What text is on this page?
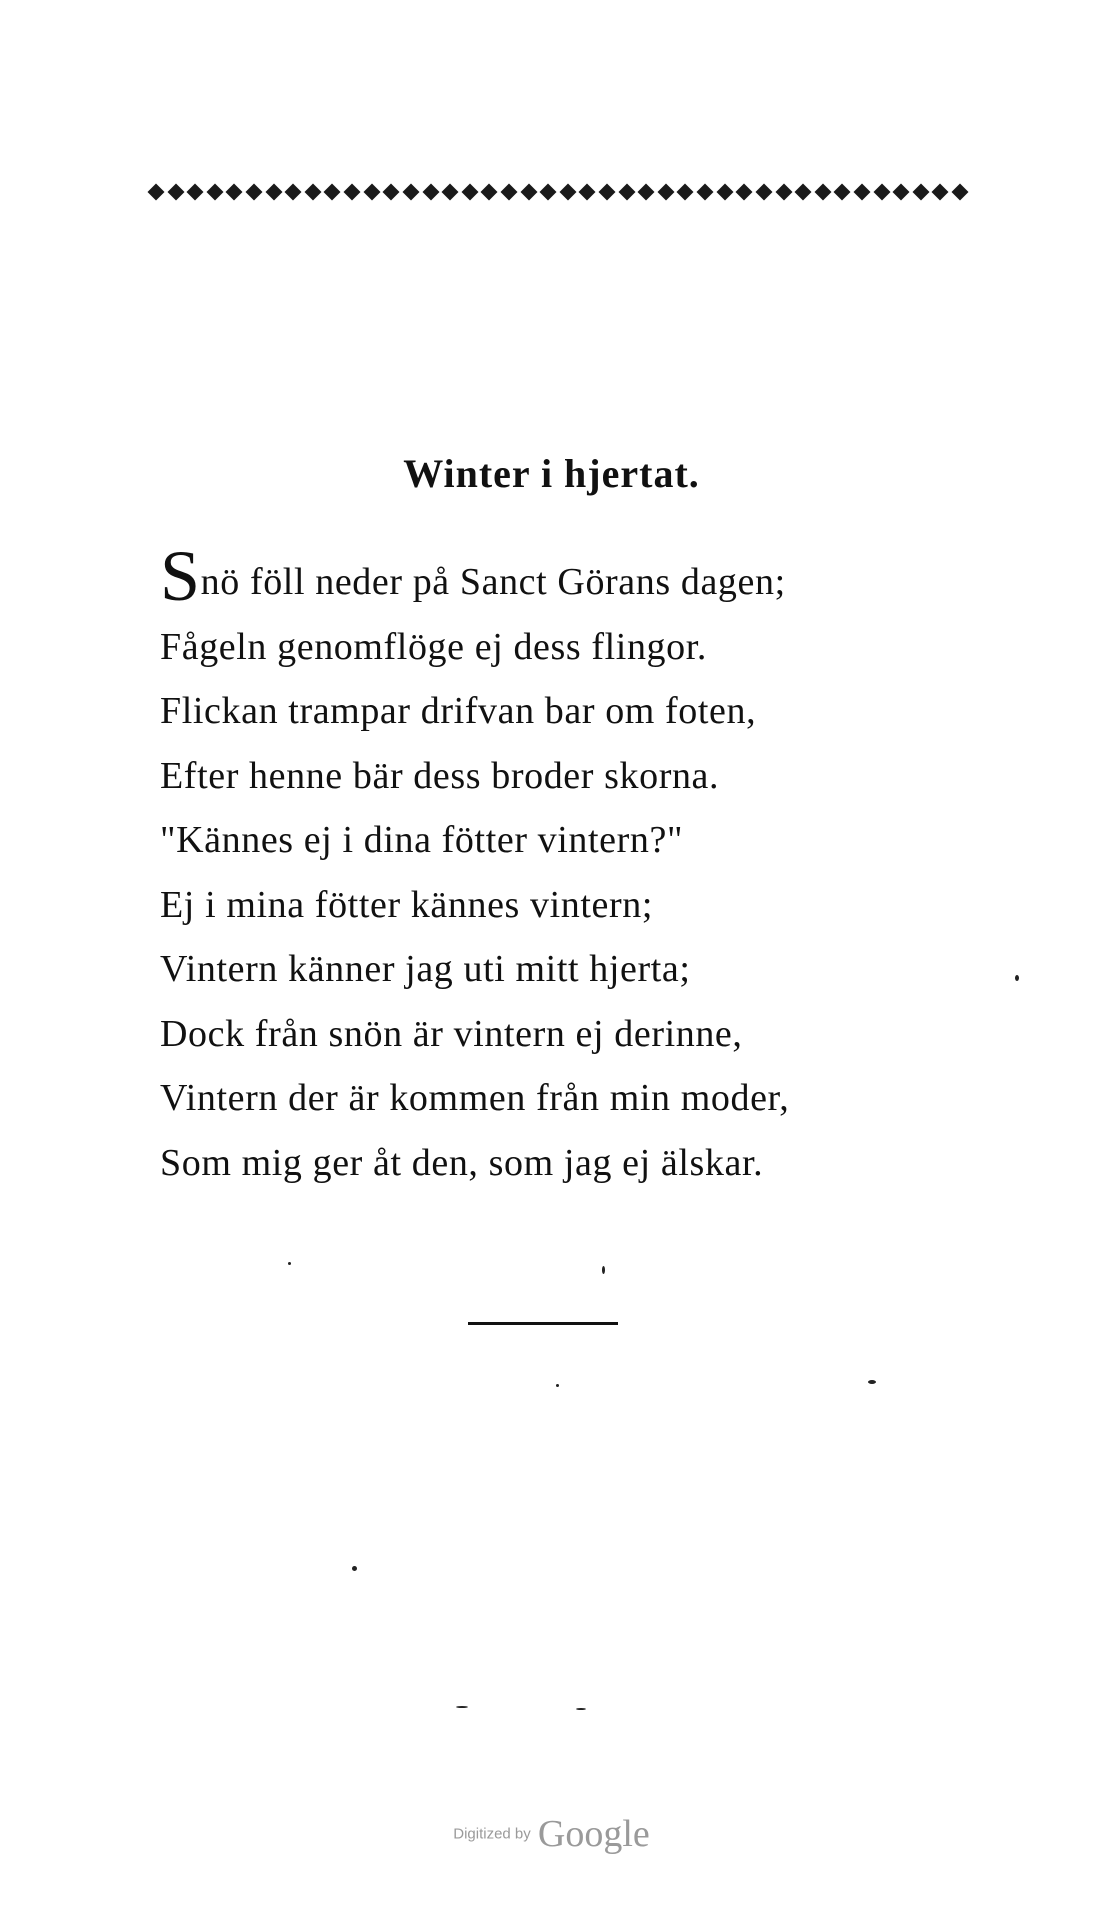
Winter i hjertat.
Snö föll neder på Sanct Görans dagen;
Fågeln genomflöge ej dess flingor.
Flickan trampar drifvan bar om foten,
Efter henne bär dess broder skorna.
"Kännes ej i dina fötter vintern?"
Ej i mina fötter kännes vintern;
Vintern känner jag uti mitt hjerta;
Dock från snön är vintern ej derinne,
Vintern der är kommen från min moder,
Som mig ger åt den, som jag ej älskar.
Digitized by Google
